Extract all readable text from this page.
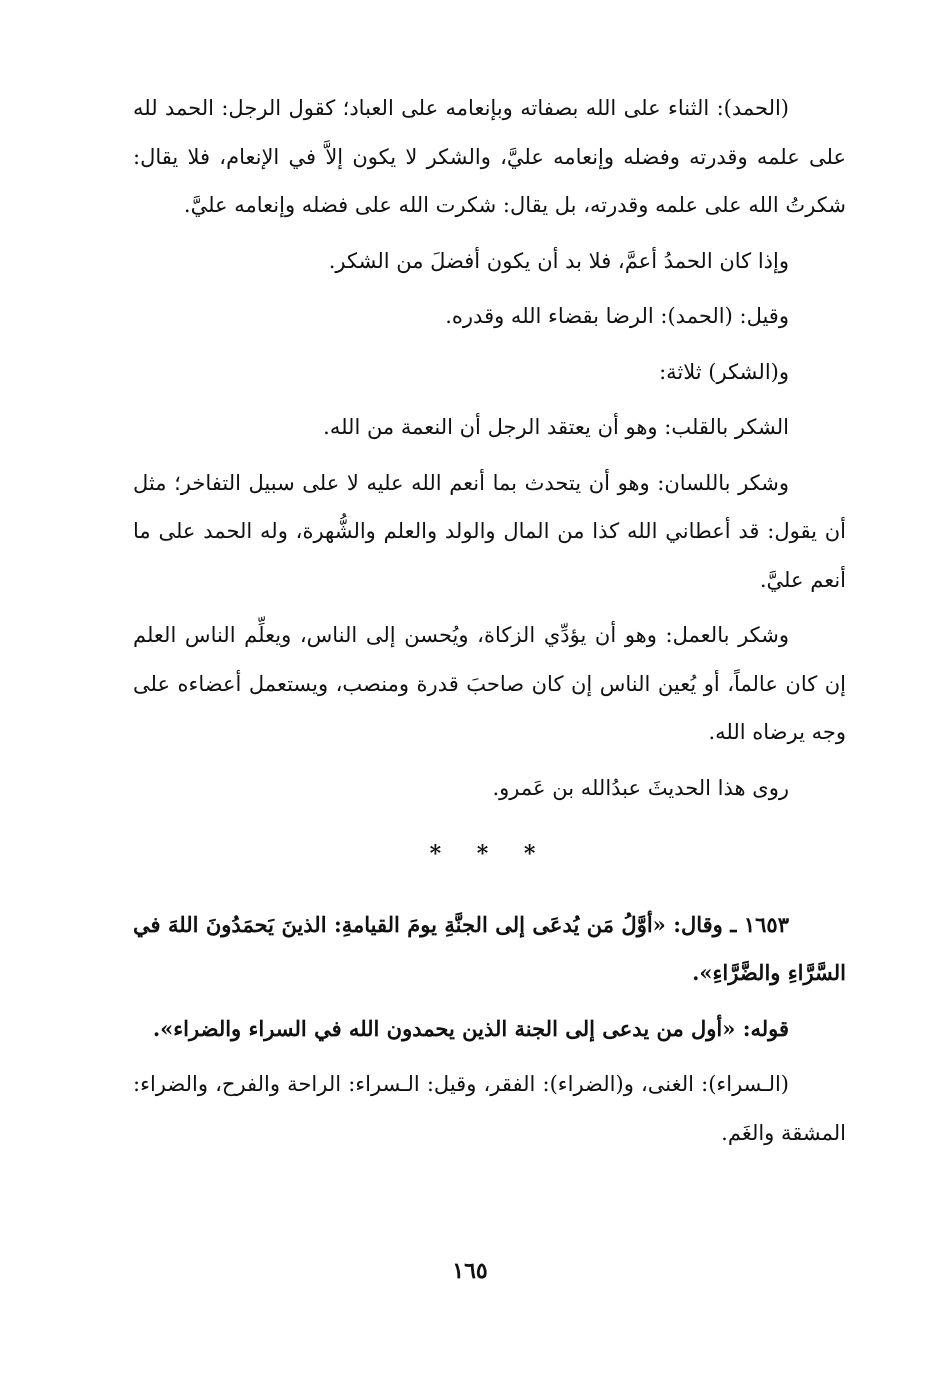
(الحمد): الثناء على الله بصفاته وبإنعامه على العباد؛ كقول الرجل: الحمد لله على علمه وقدرته وفضله وإنعامه عليَّ، والشكر لا يكون إلاَّ في الإنعام، فلا يقال: شكرتُ الله على علمه وقدرته، بل يقال: شكرت الله على فضله وإنعامه عليَّ.

وإذا كان الحمدُ أعمَّ، فلا بد أن يكون أفضلَ من الشكر.

وقيل: (الحمد): الرضا بقضاء الله وقدره.

و(الشكر) ثلاثة:

الشكر بالقلب: وهو أن يعتقد الرجل أن النعمة من الله.

وشكر باللسان: وهو أن يتحدث بما أنعم الله عليه لا على سبيل التفاخر؛ مثل أن يقول: قد أعطاني الله كذا من المال والولد والعلم والشُّهرة، وله الحمد على ما أنعم عليَّ.

وشكر بالعمل: وهو أن يؤدِّي الزكاة، ويُحسن إلى الناس، ويعلِّم الناس العلم إن كان عالماً، أو يُعين الناس إن كان صاحبَ قدرة ومنصب، ويستعمل أعضاءه على وجه يرضاه الله.

روى هذا الحديثَ عبدُالله بن عَمرو.

* * *

١٦٥٣ ـ وقال: «أوَّلُ مَن يُدعَى إلى الجنَّةِ يومَ القيامةِ: الذينَ يَحمَدُونَ اللهَ في السَّرَّاءِ والضَّرَّاءِ».

قوله: «أول من يدعى إلى الجنة الذين يحمدون الله في السراء والضراء».

(الـسراء): الغنى، و(الضراء): الفقر، وقيل: الـسراء: الراحة والفرح، والضراء: المشقة والغَم.

١٦٥
